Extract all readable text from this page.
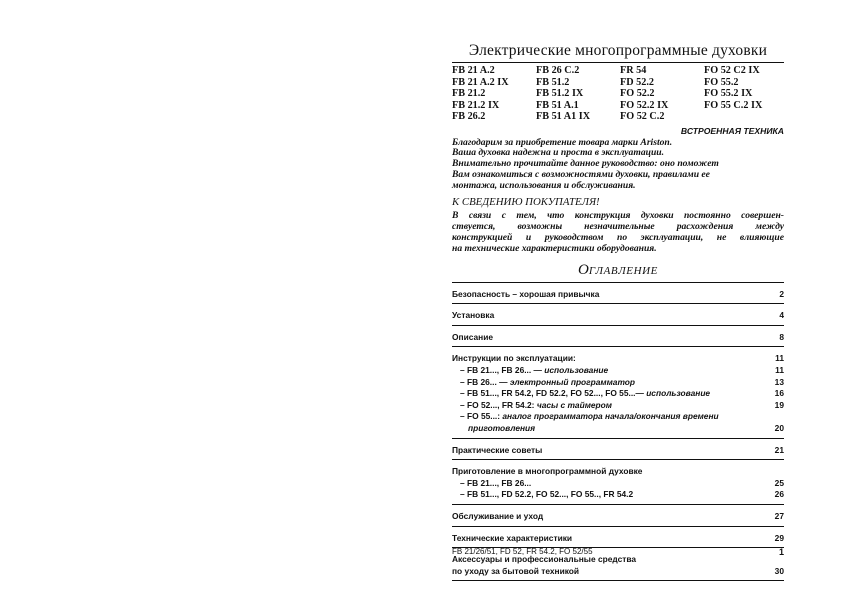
Электрические многопрограммные духовки
FB 21 A.2	FB 26 C.2	FR 54	FO 52 C2 IX
FB 21 A.2 IX	FB 51.2	FD 52.2	FO 55.2
FB 21.2	FB 51.2 IX	FO 52.2	FO 55.2 IX
FB 21.2 IX	FB 51 A.1	FO 52.2 IX	FO 55 C.2 IX
FB 26.2	FB 51 A1 IX	FO 52 C.2
ВСТРОЕННАЯ ТЕХНИКА
Благодарим за приобретение товара марки Ariston.
Ваша духовка надежна и проста в эксплуатации.
Внимательно прочитайте данное руководство: оно поможет
Вам ознакомиться с возможностями духовки, правилами ее
монтажа, использования и обслуживания.
К СВЕДЕНИЮ ПОКУПАТЕЛЯ!
В связи с тем, что конструкция духовки постоянно совершен-
ствуется, возможны незначительные расхождения между
конструкцией и руководством по эксплуатации, не влияющие
на технические характеристики оборудования.
ОГЛАВЛЕНИЕ
Безопасность – хорошая привычка	2
Установка	4
Описание	8
Инструкции по эксплуатации:	11
– FB 21..., FB 26... — использование	11
– FB 26... — электронный программатор	13
– FB 51..., FR 54.2, FD 52.2, FO 52..., FO 55...— использование	16
– FO 52..., FR 54.2: часы с таймером	19
– FO 55...: аналог программатора начала/окончания времени
приготовления	20
Практические советы	21
Приготовление в многопрограммной духовке
– FB 21..., FB 26...	25
– FB 51..., FD 52.2, FO 52..., FO 55.., FR 54.2	26
Обслуживание и уход	27
Технические характеристики	29
Аксессуары и профессиональные средства
по уходу за бытовой техникой	30
FB 21/26/51, FD 52, FR 54.2, FO 52/55	1
